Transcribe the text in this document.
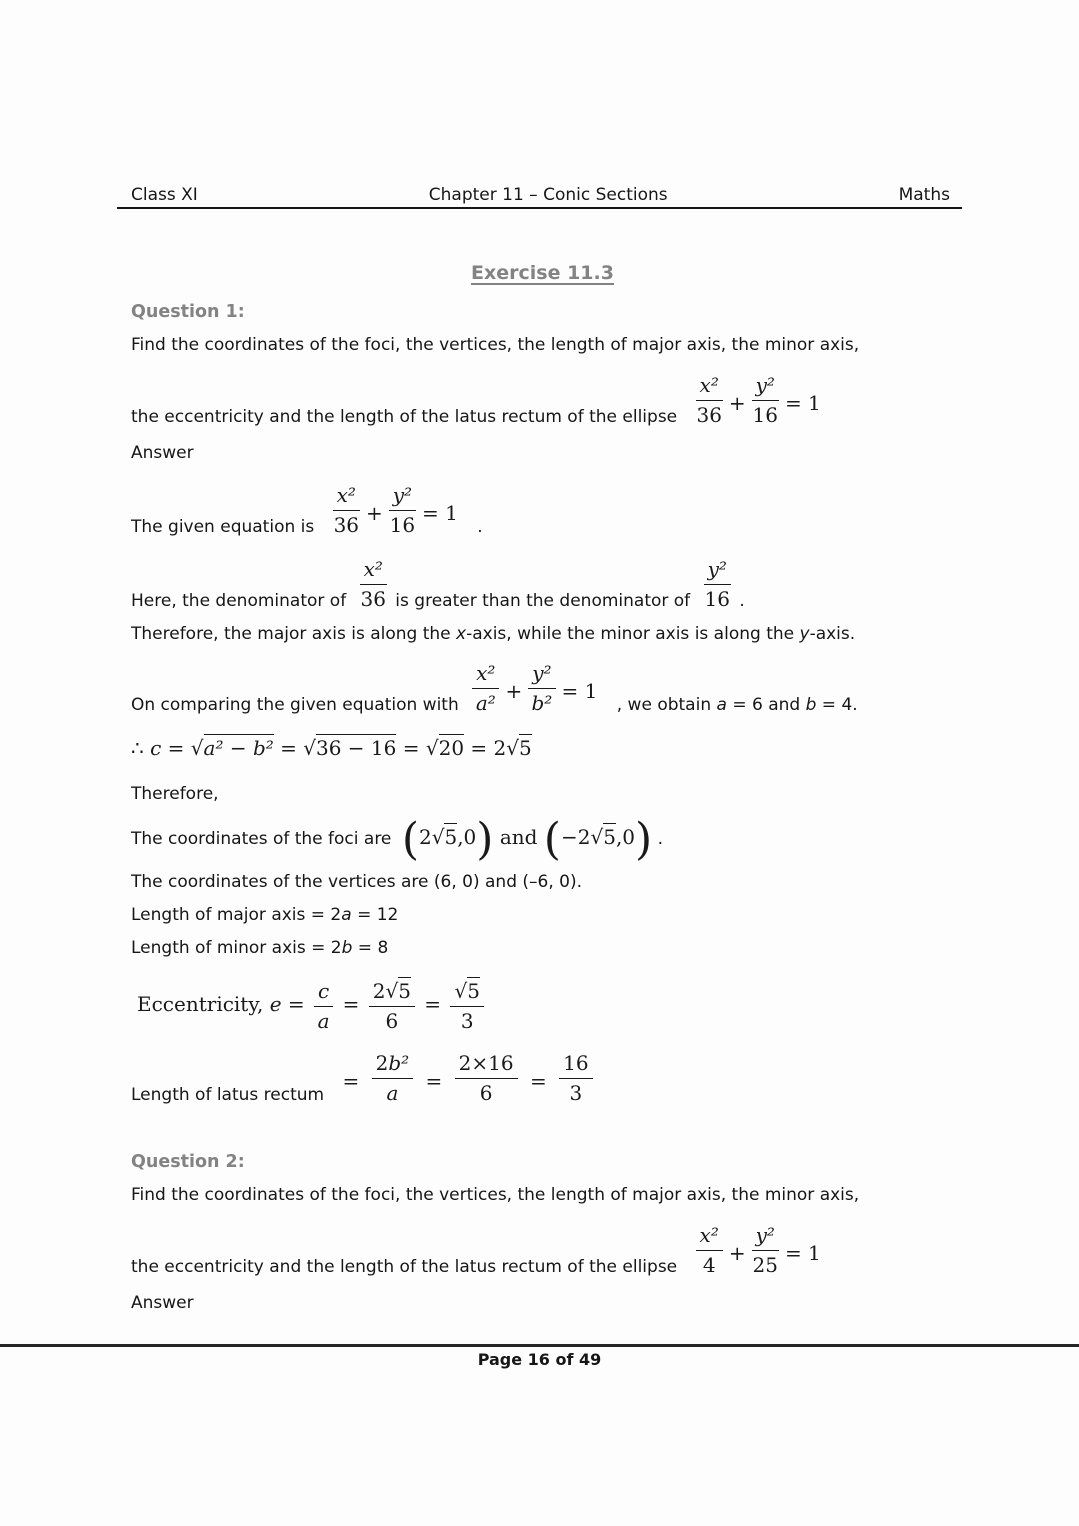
Class XI	Chapter 11 – Conic Sections	Maths
Exercise 11.3
Question 1:
Find the coordinates of the foci, the vertices, the length of major axis, the minor axis,
the eccentricity and the length of the latus rectum of the ellipse $\frac{\text{x²}}{36} + \frac{\text{y²}}{16} = 1$
Answer
The given equation is $\frac{\text{x²}}{36} + \frac{\text{y²}}{16} = 1$ .
Here, the denominator of $\frac{\text{x²}}{36}$ is greater than the denominator of $\frac{\text{y²}}{16}$ .
Therefore, the major axis is along the x-axis, while the minor axis is along the y-axis.
On comparing the given equation with $\frac{\text{x²}}{\text{a²}} + \frac{\text{y²}}{\text{b²}} = 1$ , we obtain a = 6 and b = 4.
∴ c = √a² − b² = √36 − 16 = √20 = 2√5
Therefore,
The coordinates of the foci are (2√5,0) and (−2√5,0) .
The coordinates of the vertices are (6, 0) and (–6, 0).
Length of major axis = 2a = 12
Length of minor axis = 2b = 8
Eccentricity, $e = \frac{c}{a} = \frac{2√5}{6} = \frac{√5}{3}$
Length of latus rectum = $\frac{\text{2b²}}{a} = \frac{2\times 16}{6} = \frac{16}{3}$
Question 2:
Find the coordinates of the foci, the vertices, the length of major axis, the minor axis,
the eccentricity and the length of the latus rectum of the ellipse $\frac{\text{x²}}{4} + \frac{\text{y²}}{25} = 1$
Answer
Page 16 of 49
